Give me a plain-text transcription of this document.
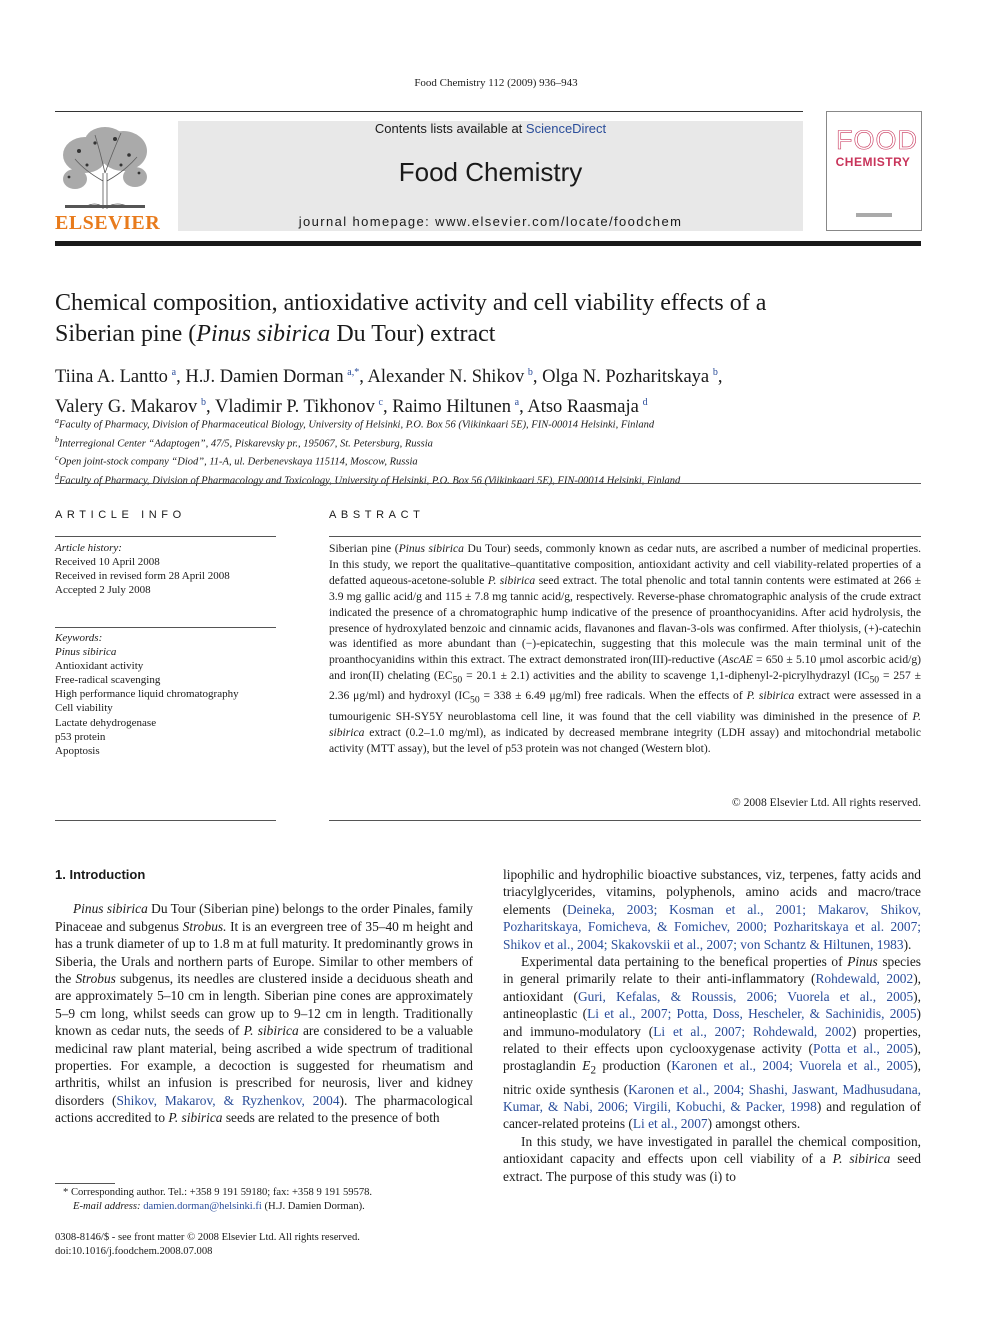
Food Chemistry 112 (2009) 936–943
ELSEVIER
Contents lists available at ScienceDirect
Food Chemistry
journal homepage: www.elsevier.com/locate/foodchem
FOOD
CHEMISTRY
Chemical composition, antioxidative activity and cell viability effects of a Siberian pine (Pinus sibirica Du Tour) extract
Tiina A. Lantto  $^a$, H.J. Damien Dorman  $^{a,*}$, Alexander N. Shikov  $^b$, Olga N. Pozharitskaya  $^b$,
Valery G. Makarov  $^b$, Vladimir P. Tikhonov  $^c$, Raimo Hiltunen  $^a$, Atso Raasmaja  $^d$
$^a$Faculty of Pharmacy, Division of Pharmaceutical Biology, University of Helsinki, P.O. Box 56 (Viikinkaari 5E), FIN-00014 Helsinki, Finland
$^b$Interregional Center “Adaptogen”, 47/5, Piskarevsky pr., 195067, St. Petersburg, Russia
$^c$Open joint-stock company “Diod”, 11-A, ul. Derbenevskaya 115114, Moscow, Russia
$^d$Faculty of Pharmacy, Division of Pharmacology and Toxicology, University of Helsinki, P.O. Box 56 (Viikinkaari 5E), FIN-00014 Helsinki, Finland
ARTICLE INFO	ABSTRACT
Article history:
Received 10 April 2008
Received in revised form 28 April 2008
Accepted 2 July 2008
Keywords:
Pinus sibirica
Antioxidant activity
Free-radical scavenging
High performance liquid chromatography
Cell viability
Lactate dehydrogenase
p53 protein
Apoptosis
Siberian pine (Pinus sibirica Du Tour) seeds, commonly known as cedar nuts, are ascribed a number of medicinal properties. In this study, we report the qualitative–quantitative composition, antioxidant activity and cell viability-related properties of a defatted aqueous-acetone-soluble P. sibirica seed extract. The total phenolic and total tannin contents were estimated at 266 ± 3.9 mg gallic acid/g and 115 ± 7.8 mg tannic acid/g, respectively. Reverse-phase chromatographic analysis of the crude extract indicated the presence of a chromatographic hump indicative of the presence of proanthocyanidins. After acid hydrolysis, the presence of hydroxylated benzoic and cinnamic acids, flavanones and flavan-3-ols was confirmed. After thiolysis, (+)-catechin was identified as more abundant than (−)-epicatechin, suggesting that this molecule was the main terminal unit of the proanthocyanidins within this extract. The extract demonstrated iron(III)-reductive (AscAE = 650 ± 5.10 μmol ascorbic acid/g) and iron(II) chelating $(EC_{50} = 20.1 \pm 2.1)$ activities and the ability to scavenge 1,1-diphenyl-2-picrylhydrazyl ($IC_{50} = 257 \pm 2.36$ μg/ml) and hydroxyl ($IC_{50} = 338 \pm 6.49$ μg/ml) free radicals. When the effects of P. sibirica extract were assessed in a tumourigenic SH-SY5Y neuroblastoma cell line, it was found that the cell viability was diminished in the presence of P. sibirica extract (0.2–1.0 mg/ml), as indicated by decreased membrane integrity (LDH assay) and mitochondrial metabolic activity (MTT assay), but the level of p53 protein was not changed (Western blot).
© 2008 Elsevier Ltd. All rights reserved.
1. Introduction

Pinus sibirica Du Tour (Siberian pine) belongs to the order Pinales, family Pinaceae and subgenus Strobus. It is an evergreen tree of 35–40 m height and has a trunk diameter of up to 1.8 m at full maturity. It predominantly grows in Siberia, the Urals and northern parts of Europe. Similar to other members of the Strobus subgenus, its needles are clustered inside a deciduous sheath and are approximately 5–10 cm in length. Siberian pine cones are approximately 5–9 cm long, whilst seeds can grow up to 9–12 cm in length. Traditionally known as cedar nuts, the seeds of P. sibirica are considered to be a valuable medicinal raw plant material, being ascribed a wide spectrum of traditional properties. For example, a decoction is suggested for rheumatism and arthritis, whilst an infusion is prescribed for neurosis, liver and kidney disorders (Shikov, Makarov, & Ryzhenkov, 2004). The pharmacological actions accredited to P. sibirica seeds are related to the presence of both

lipophilic and hydrophilic bioactive substances, viz, terpenes, fatty acids and triacylglycerides, vitamins, polyphenols, amino acids and macro/trace elements (Deineka, 2003; Kosman et al., 2001; Makarov, Shikov, Pozharitskaya, Fomicheva, & Fomichev, 2000; Pozharitskaya et al. 2007; Shikov et al., 2004; Skakovskii et al., 2007; von Schantz & Hiltunen, 1983).

Experimental data pertaining to the benefical properties of Pinus species in general primarily relate to their anti-inflammatory (Rohdewald, 2002), antioxidant (Guri, Kefalas, & Roussis, 2006; Vuorela et al., 2005), antineoplastic (Li et al., 2007; Potta, Doss, Hescheler, & Sachinidis, 2005) and immuno-modulatory (Li et al., 2007; Rohdewald, 2002) properties, related to their effects upon cyclooxygenase activity (Potta et al., 2005), prostaglandin $E_2$ production (Karonen et al., 2004; Vuorela et al., 2005), nitric oxide synthesis (Karonen et al., 2004; Shashi, Jaswant, Madhusudana, Kumar, & Nabi, 2006; Virgili, Kobuchi, & Packer, 1998) and regulation of cancer-related proteins (Li et al., 2007) amongst others.

In this study, we have investigated in parallel the chemical composition, antioxidant capacity and effects upon cell viability of a P. sibirica seed extract. The purpose of this study was (i) to

* Corresponding author. Tel.: +358 9 191 59180; fax: +358 9 191 59578.
E-mail address: damien.dorman@helsinki.fi (H.J. Damien Dorman).
0308-8146/$ - see front matter © 2008 Elsevier Ltd. All rights reserved.
doi:10.1016/j.foodchem.2008.07.008
